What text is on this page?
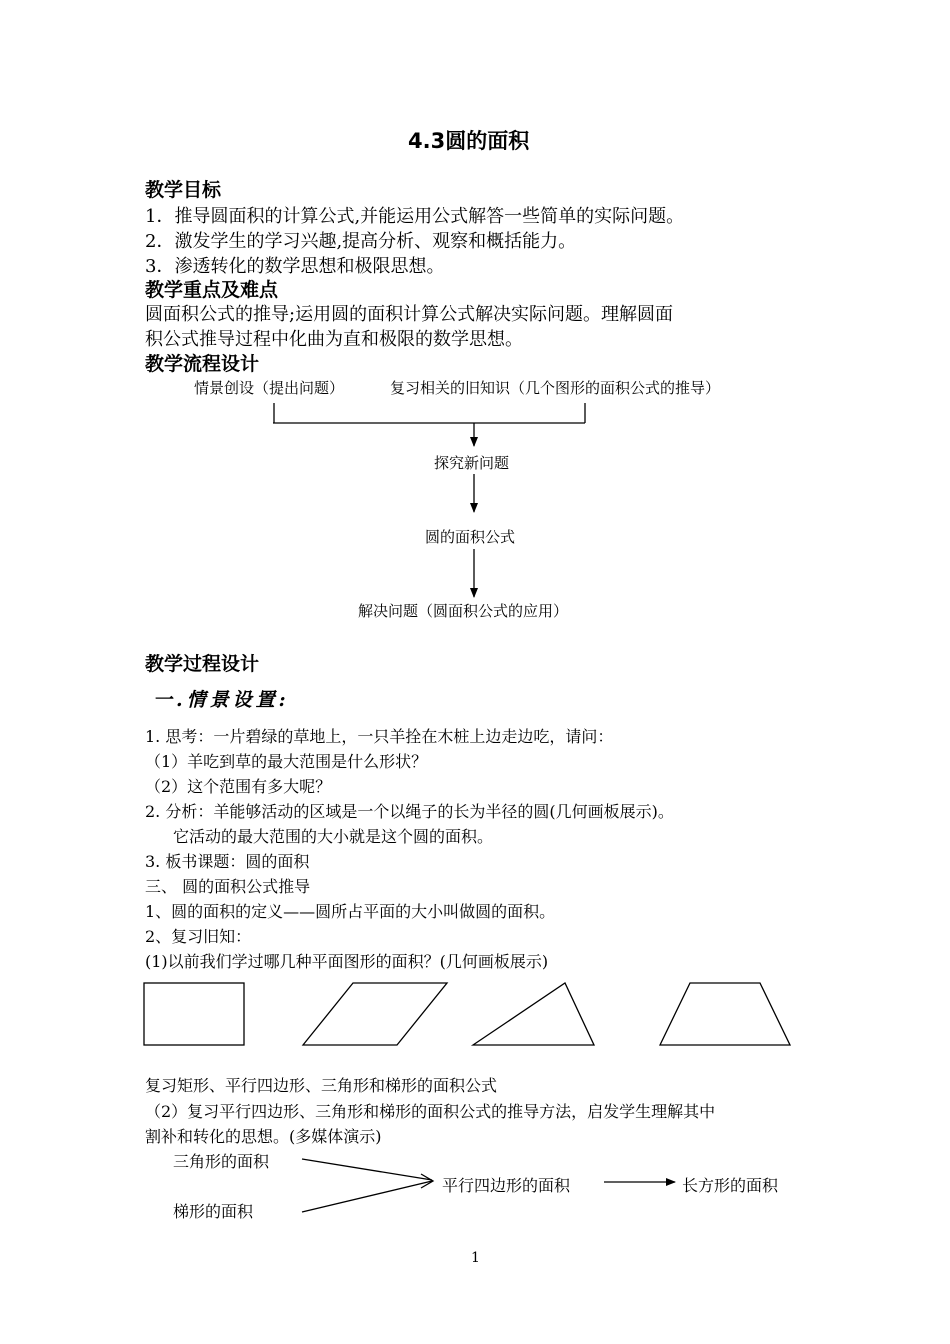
4.3圆的面积
教学目标
1．推导圆面积的计算公式,并能运用公式解答一些简单的实际问题。
2．激发学生的学习兴趣,提高分析、观察和概括能力。
3．渗透转化的数学思想和极限思想。
教学重点及难点
圆面积公式的推导;运用圆的面积计算公式解决实际问题。理解圆面
积公式推导过程中化曲为直和极限的数学思想。
教学流程设计
情景创设（提出问题）	复习相关的旧知识（几个图形的面积公式的推导）
探究新问题
圆的面积公式
解决问题（圆面积公式的应用）
教学过程设计
一.情景设置:
1. 思考：一片碧绿的草地上，一只羊拴在木桩上边走边吃，请问：
（1）羊吃到草的最大范围是什么形状？
（2）这个范围有多大呢？
2. 分析：羊能够活动的区域是一个以绳子的长为半径的圆(几何画板展示)。
它活动的最大范围的大小就是这个圆的面积。
3. 板书课题：圆的面积
三、 圆的面积公式推导
1、圆的面积的定义——圆所占平面的大小叫做圆的面积。
2、复习旧知：
(1)以前我们学过哪几种平面图形的面积？(几何画板展示)
复习矩形、平行四边形、三角形和梯形的面积公式
（2）复习平行四边形、三角形和梯形的面积公式的推导方法，启发学生理解其中
割补和转化的思想。(多媒体演示)
三角形的面积
梯形的面积
平行四边形的面积	长方形的面积
1
